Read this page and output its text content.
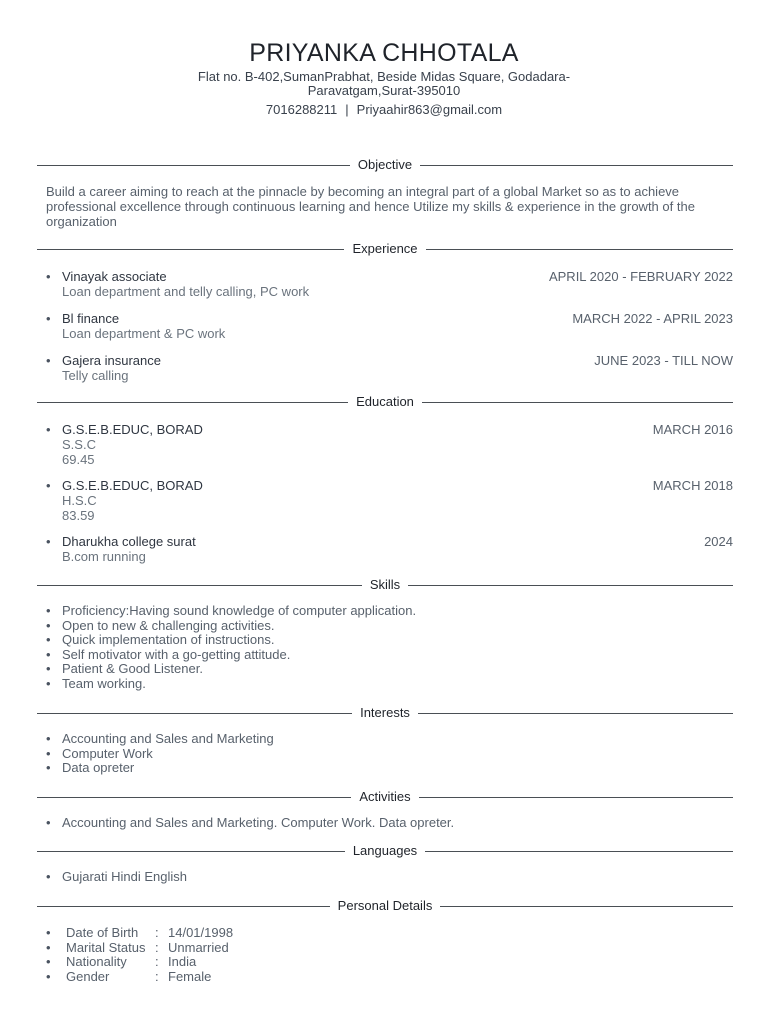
PRIYANKA CHHOTALA
Flat no. B-402,SumanPrabhat, Beside Midas Square, Godadara-Paravatgam,Surat-395010
7016288211 | Priyaahir863@gmail.com
Objective
Build a career aiming to reach at the pinnacle by becoming an integral part of a global Market so as to achieve professional excellence through continuous learning and hence Utilize my skills & experience in the growth of the organization
Experience
• Vinayak associate
Loan department and telly calling, PC work
APRIL 2020 - FEBRUARY 2022
• Bl finance
Loan department & PC work
MARCH 2022 - APRIL 2023
• Gajera insurance
Telly calling
JUNE 2023 - TILL NOW
Education
• G.S.E.B.EDUC, BORAD
S.S.C
69.45
MARCH 2016
• G.S.E.B.EDUC, BORAD
H.S.C
83.59
MARCH 2018
• Dharukha college surat
B.com running
2024
Skills
• Proficiency:Having sound knowledge of computer application.
• Open to new & challenging activities.
• Quick implementation of instructions.
• Self motivator with a go-getting attitude.
• Patient & Good Listener.
• Team working.
Interests
• Accounting and Sales and Marketing
• Computer Work
• Data opreter
Activities
• Accounting and Sales and Marketing. Computer Work. Data opreter.
Languages
• Gujarati Hindi English
Personal Details
• Date of Birth : 14/01/1998
• Marital Status : Unmarried
• Nationality : India
• Gender	: Female
